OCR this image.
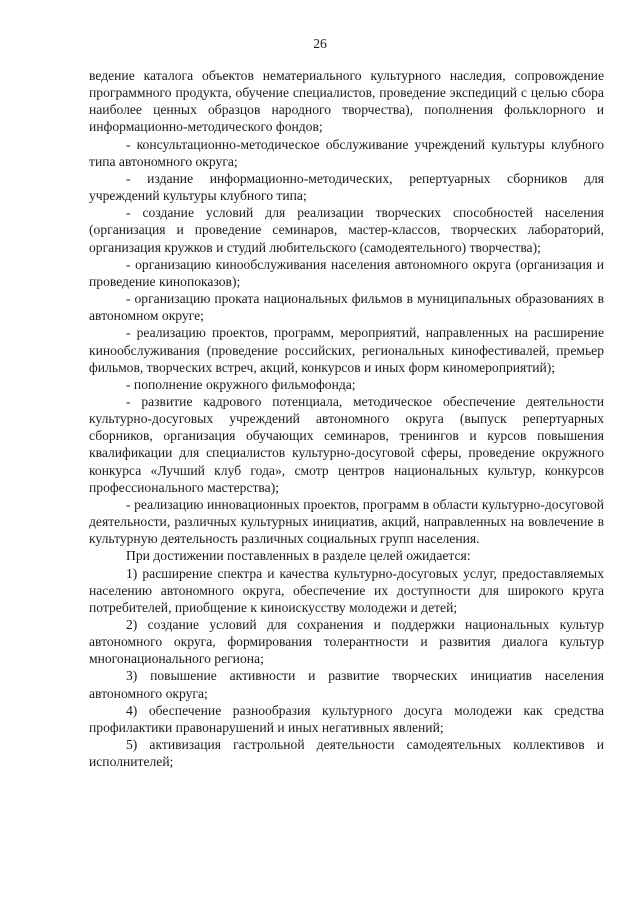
26

ведение каталога объектов нематериального культурного наследия, сопровождение программного продукта, обучение специалистов, проведение экспедиций с целью сбора наиболее ценных образцов народного творчества), пополнения фольклорного и информационно-методического фондов;

- консультационно-методическое обслуживание учреждений культуры клубного типа автономного округа;

- издание информационно-методических, репертуарных сборников для учреждений культуры клубного типа;

- создание условий для реализации творческих способностей населения (организация и проведение семинаров, мастер-классов, творческих лабораторий, организация кружков и студий любительского (самодеятельного) творчества);

- организацию кинообслуживания населения автономного округа (организация и проведение кинопоказов);

- организацию проката национальных фильмов в муниципальных образованиях в автономном округе;

- реализацию проектов, программ, мероприятий, направленных на расширение кинообслуживания (проведение российских, региональных кинофестивалей, премьер фильмов, творческих встреч, акций, конкурсов и иных форм киномероприятий);

- пополнение окружного фильмофонда;

- развитие кадрового потенциала, методическое обеспечение деятельности культурно-досуговых учреждений автономного округа (выпуск репертуарных сборников, организация обучающих семинаров, тренингов и курсов повышения квалификации для специалистов культурно-досуговой сферы, проведение окружного конкурса «Лучший клуб года», смотр центров национальных культур, конкурсов профессионального мастерства);

- реализацию инновационных проектов, программ в области культурно-досуговой деятельности, различных культурных инициатив, акций, направленных на вовлечение в культурную деятельность различных социальных групп населения.

При достижении поставленных в разделе целей ожидается:

1) расширение спектра и качества культурно-досуговых услуг, предоставляемых населению автономного округа, обеспечение их доступности для широкого круга потребителей, приобщение к киноискусству молодежи и детей;

2) создание условий для сохранения и поддержки национальных культур автономного округа, формирования толерантности и развития диалога культур многонационального региона;

3) повышение активности и развитие творческих инициатив населения автономного округа;

4) обеспечение разнообразия культурного досуга молодежи как средства профилактики правонарушений и иных негативных явлений;

5) активизация гастрольной деятельности самодеятельных коллективов и исполнителей;
